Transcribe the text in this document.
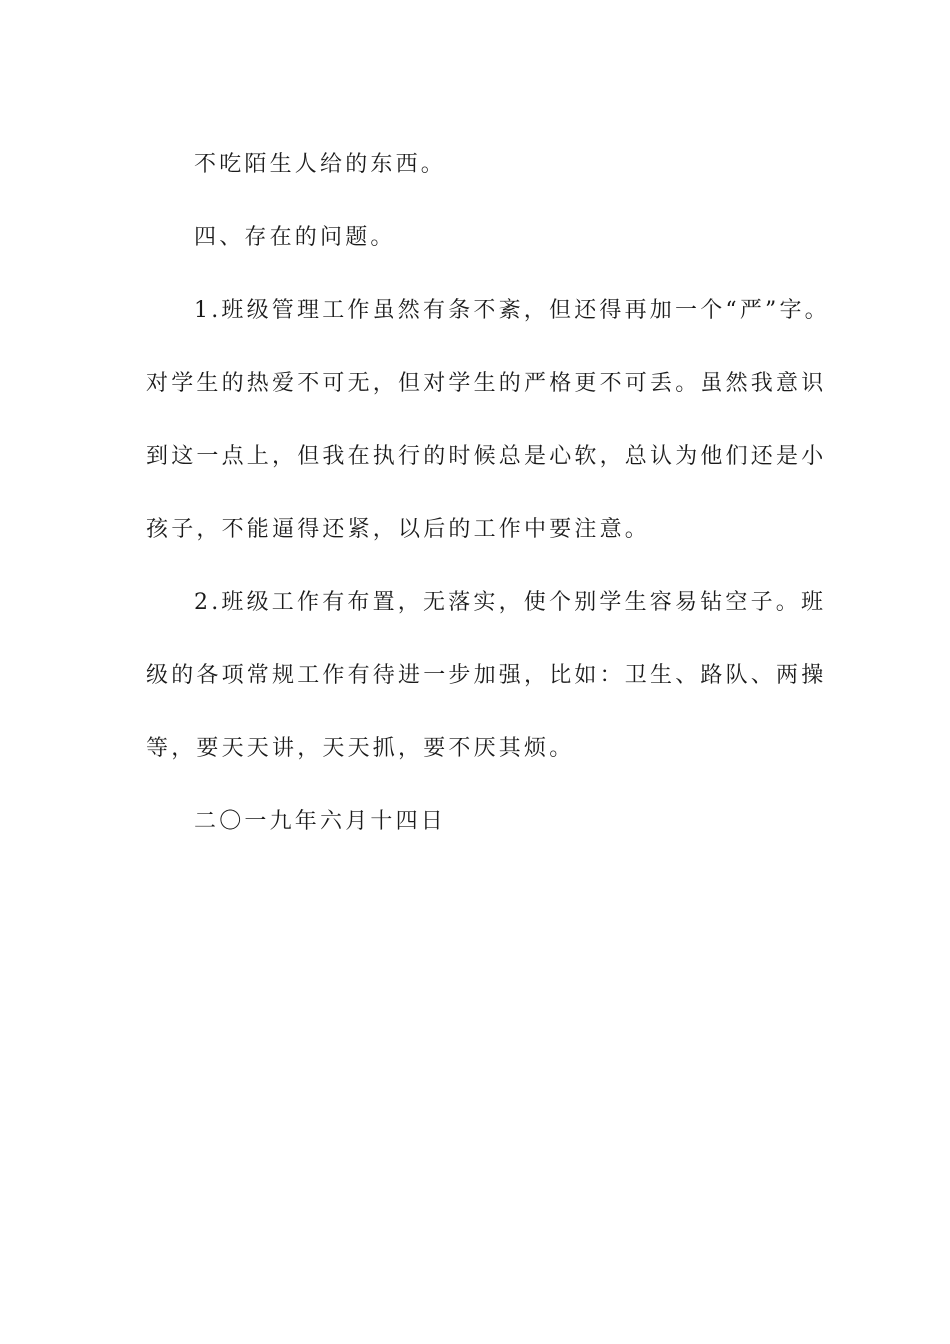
不吃陌生人给的东西。

四、存在的问题。

1.班级管理工作虽然有条不紊，但还得再加一个“严”字。

对学生的热爱不可无，但对学生的严格更不可丢。虽然我意识
到这一点上，但我在执行的时候总是心软，总认为他们还是小
孩子，不能逼得还紧，以后的工作中要注意。

2.班级工作有布置，无落实，使个别学生容易钻空子。班

级的各项常规工作有待进一步加强，比如：卫生、路队、两操
等，要天天讲，天天抓，要不厌其烦。

二〇一九年六月十四日
